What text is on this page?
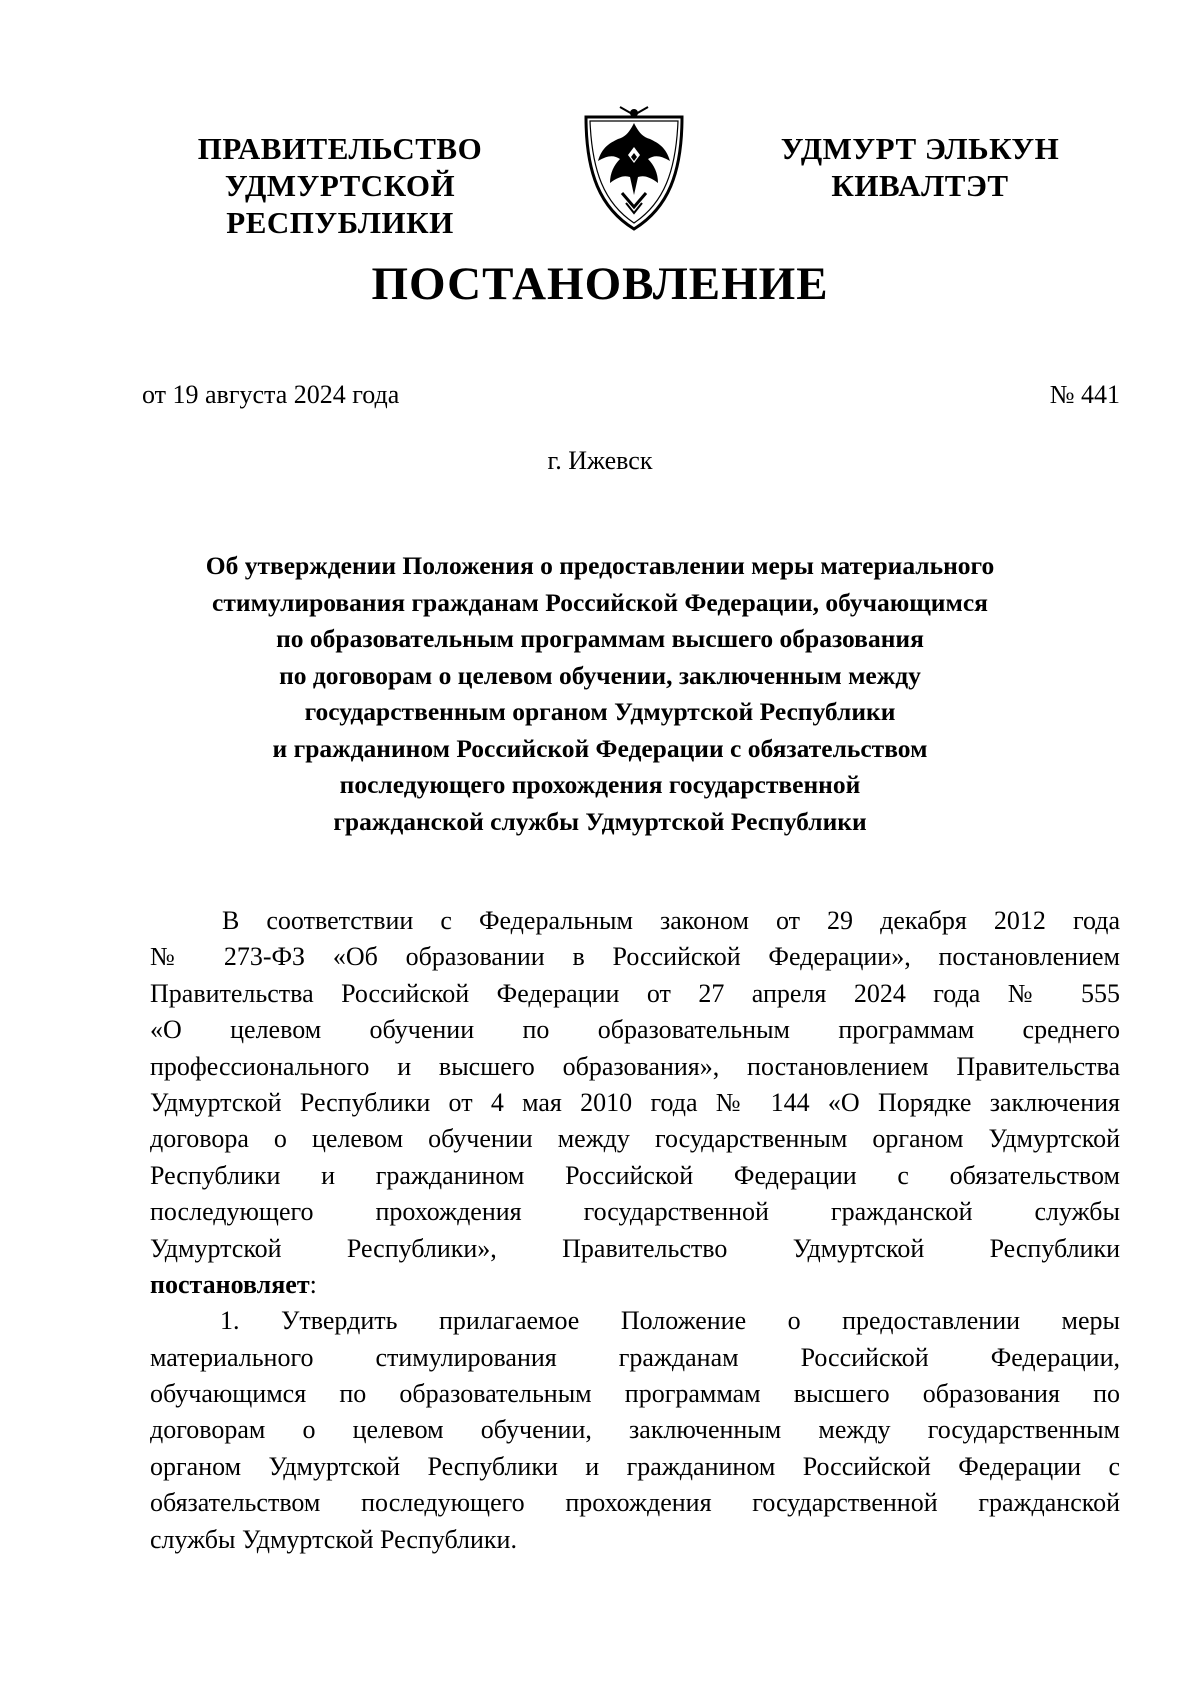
ПРАВИТЕЛЬСТВО
УДМУРТСКОЙ РЕСПУБЛИКИ
УДМУРТ ЭЛЬКУН
КИВАЛТЭТ
ПОСТАНОВЛЕНИЕ
от 19 августа 2024 года	№ 441
г. Ижевск
Об утверждении Положения о предоставлении меры материального
стимулирования гражданам Российской Федерации, обучающимся
по образовательным программам высшего образования
по договорам о целевом обучении, заключенным между
государственным органом Удмуртской Республики
и гражданином Российской Федерации с обязательством
последующего прохождения государственной
гражданской службы Удмуртской Республики
В соответствии с Федеральным законом от 29 декабря 2012 года
№ 273-ФЗ «Об образовании в Российской Федерации», постановлением
Правительства Российской Федерации от 27 апреля 2024 года № 555
«О целевом обучении по образовательным программам среднего
профессионального и высшего образования», постановлением Правительства
Удмуртской Республики от 4 мая 2010 года № 144 «О Порядке заключения
договора о целевом обучении между государственным органом Удмуртской
Республики и гражданином Российской Федерации с обязательством
последующего прохождения государственной гражданской службы
Удмуртской Республики», Правительство Удмуртской Республики
постановляет:
1. Утвердить прилагаемое Положение о предоставлении меры
материального стимулирования гражданам Российской Федерации,
обучающимся по образовательным программам высшего образования по
договорам о целевом обучении, заключенным между государственным
органом Удмуртской Республики и гражданином Российской Федерации с
обязательством последующего прохождения государственной гражданской
службы Удмуртской Республики.
